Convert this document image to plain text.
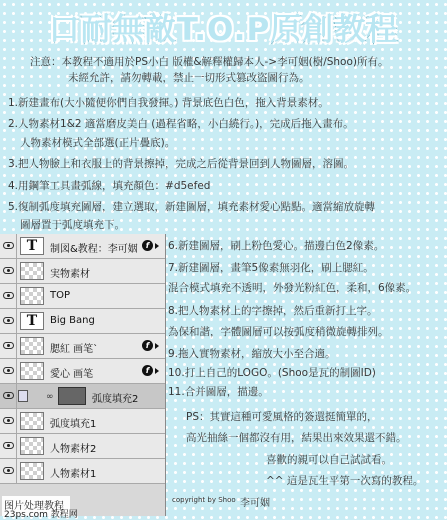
口耐無敵T.O.P原創教程
注意：本教程不適用於PS小白 版權&解釋權歸本人->李可姻(樹/Shoo)所有。
未經允許，請勿轉載，禁止一切形式篡改盜圖行為。
1.新建畫布(大小隨便你們自我發揮。) 背景底色白色，拖入背景素材。
2.人物素材1&2 適當磨皮美白 (過程省略，小白繞行。)，完成后拖入畫布。
人物素材模式全部選(正片疊底)。
3.把人物臉上和衣服上的背景擦掉，完成之后從背景回到人物圖層，溶圖。
4.用鋼筆工具畫弧線，填充顏色：#d5efed
5.復制弧度填充圖層，建立選取，新建圖層，填充素材愛心點點。適當縮放旋轉
圖層置于弧度填充下。
T	制図&教程：李可姻 f
実物素材
TOP
T	Big Bang
腮紅 画笔`	f
愛心 画笔	f
∞	弧度填充2
弧度填充1
人物素材2
人物素材1
6.新建圖層，刷上粉色愛心。描邊白色2像素。
7.新建圖層，畫筆5像素無羽化，刷上腮紅。
混合模式填充不透明，外發光粉紅色，柔和，6像素。
8.把人物素材上的字擦掉，然后重新打上字。
為保和諧，字體圖層可以按弧度稍微旋轉排列。
9.拖入實物素材，縮放大小至合適。
10.打上自己的LOGO。(Shoo是瓦的制圖ID)
11.合并圖層，描邊。
PS：其實這種可愛風格的簽還挺簡單的，
高光抽絲一個都沒有用，結果出來效果還不錯。
喜歡的親可以自己試試看。
^^ 這是瓦生平第一次寫的教程。
图片处理教程
23ps.com 教程网
copyright by Shoo 李可姻
